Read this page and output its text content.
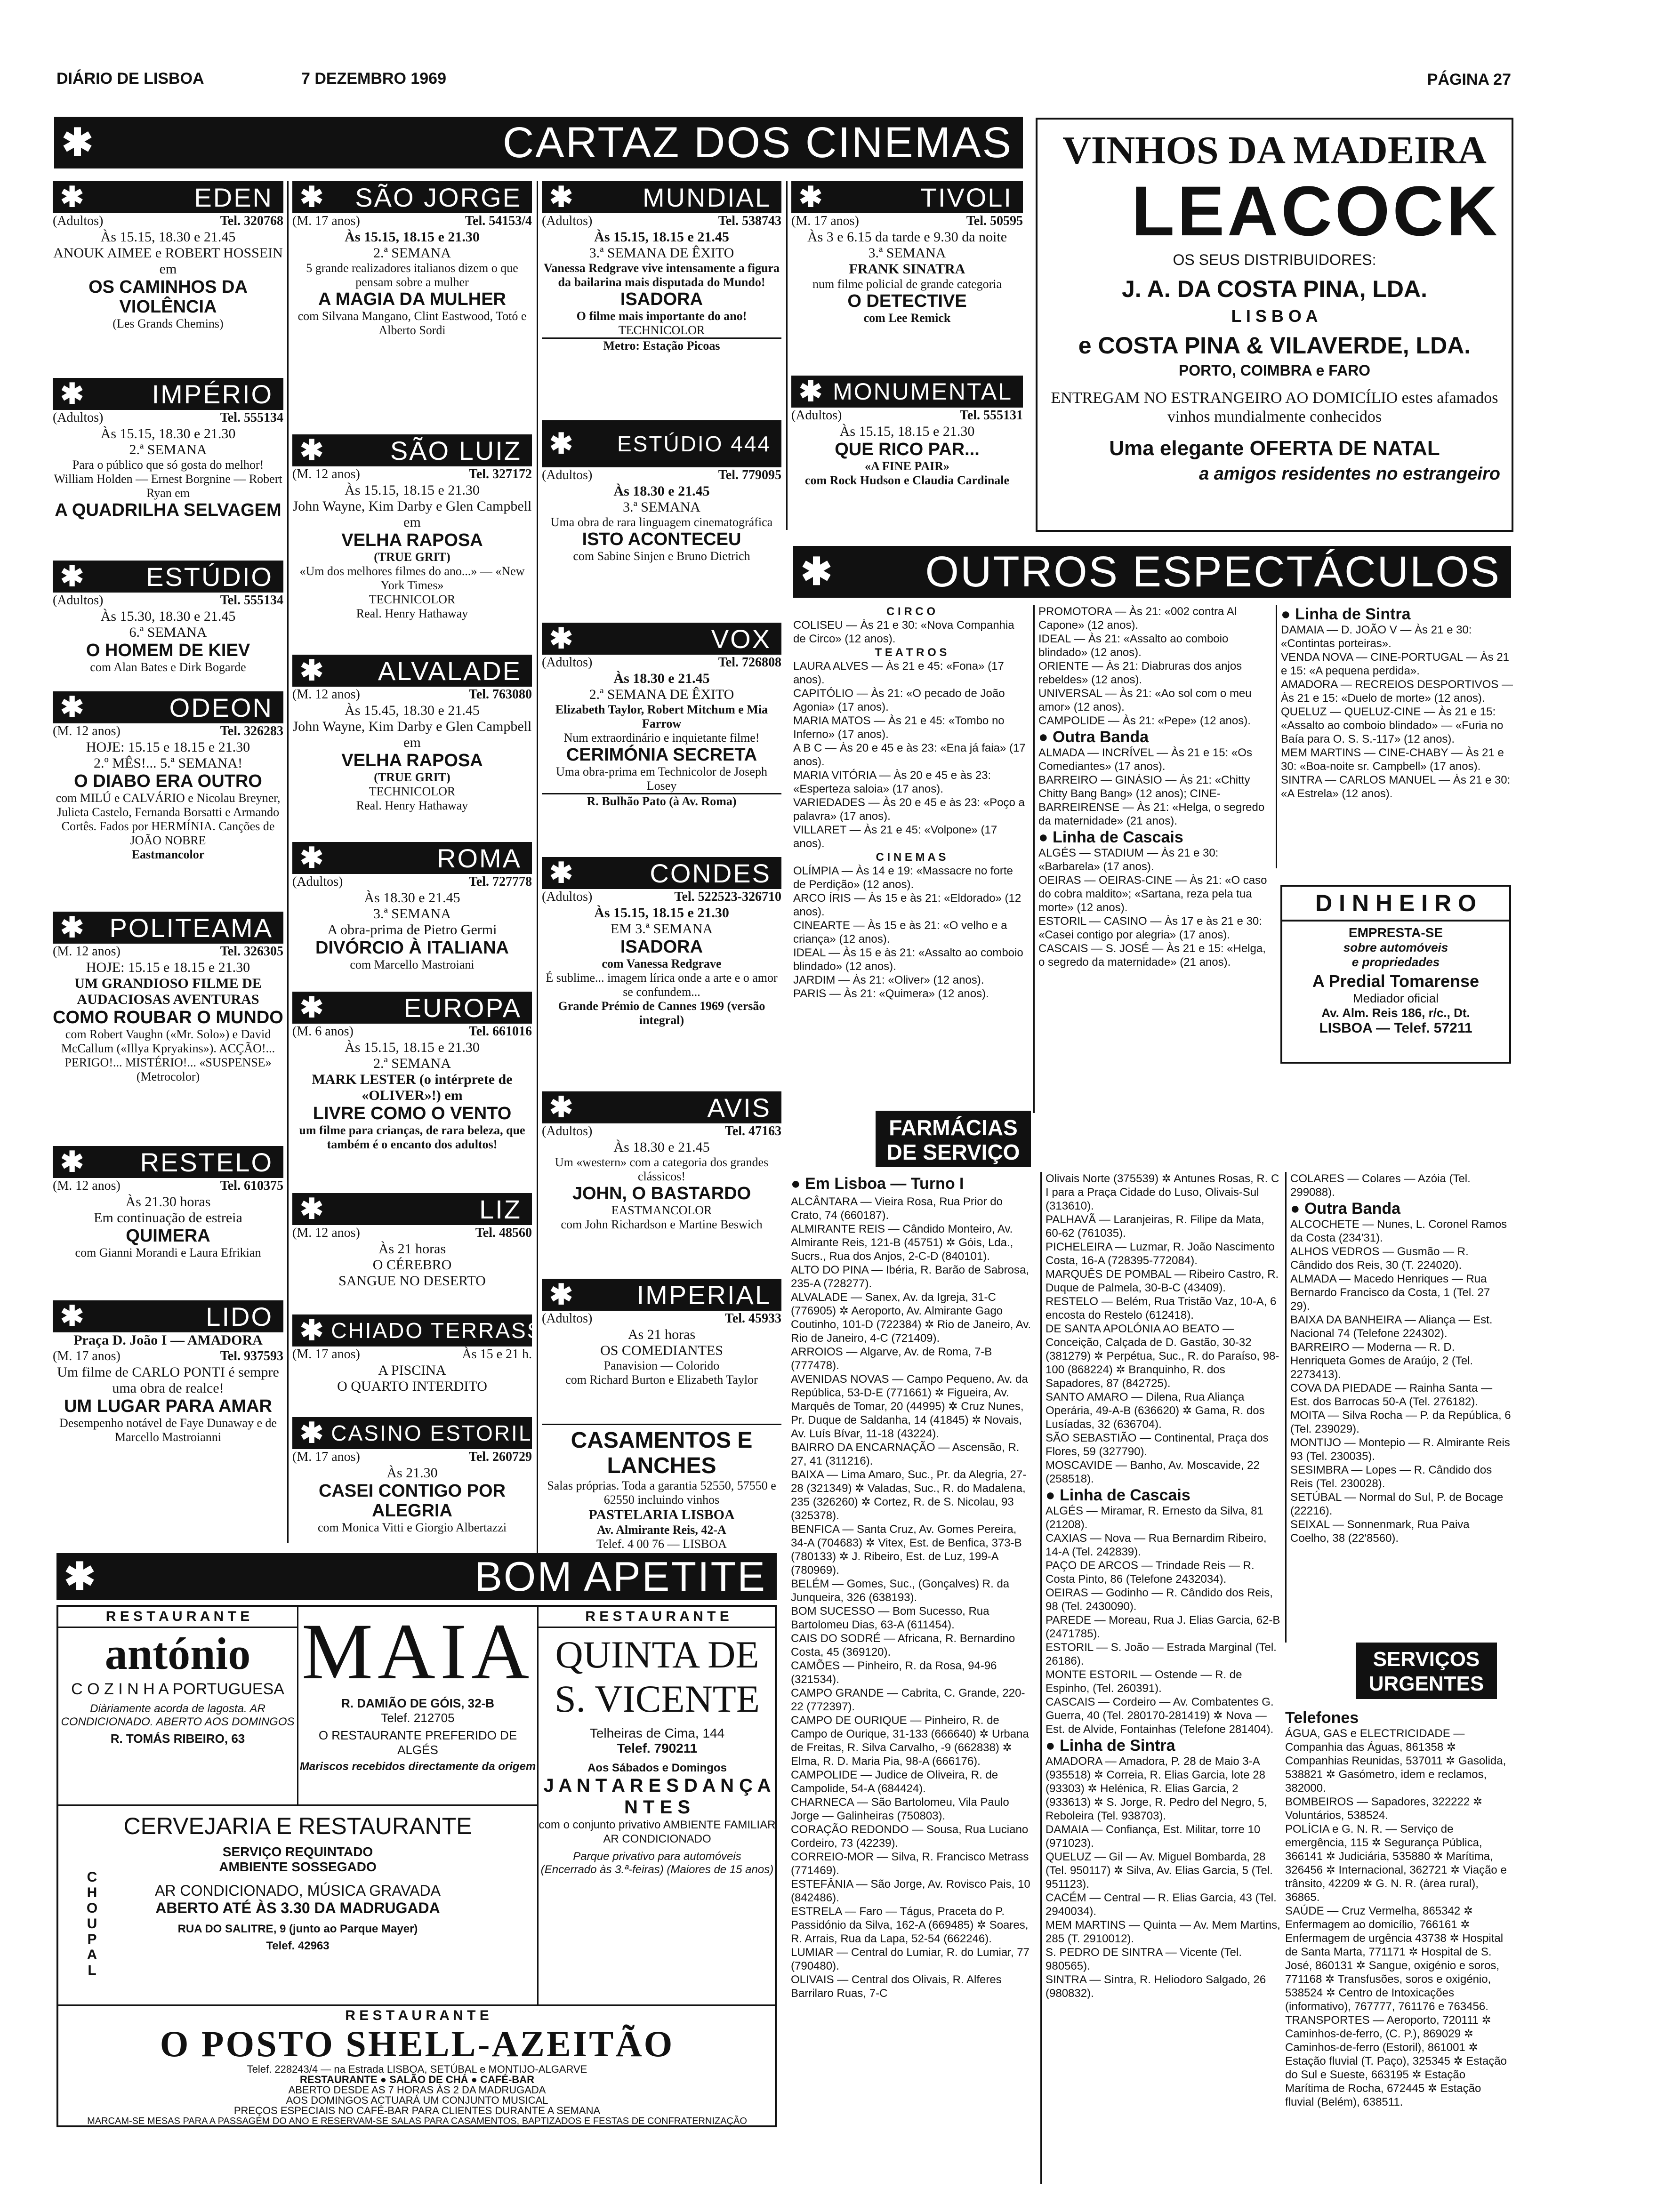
DIÁRIO DE LISBOA	7 DEZEMBRO 1969	PÁGINA 27
✱	CARTAZ DOS CINEMAS
✱	EDEN
(Adultos)	Tel. 320768
Às 15.15, 18.30 e 21.45
ANOUK AIMEE e ROBERT HOSSEIN em
OS CAMINHOS DA VIOLÊNCIA
(Les Grands Chemins)
✱	IMPÉRIO
(Adultos)	Tel. 555134
Às 15.15, 18.30 e 21.30
2.ª SEMANA
Para o público que só gosta do melhor! William Holden — Ernest Borgnine — Robert Ryan em
A QUADRILHA SELVAGEM
✱	ESTÚDIO
(Adultos)	Tel. 555134
Às 15.30, 18.30 e 21.45
6.ª SEMANA
O HOMEM DE KIEV
com Alan Bates e Dirk Bogarde
✱	ODEON
(M. 12 anos)	Tel. 326283
HOJE: 15.15 e 18.15 e 21.30
2.º MÊS!... 5.ª SEMANA!
O DIABO ERA OUTRO
com MILÚ e CALVÁRIO e Nicolau Breyner, Julieta Castelo, Fernanda Borsatti e Armando Cortês. Fados por HERMÍNIA. Canções de JOÃO NOBRE
Eastmancolor
✱ POLITEAMA
(M. 12 anos)	Tel. 326305
HOJE: 15.15 e 18.15 e 21.30
UM GRANDIOSO FILME DE AUDACIOSAS AVENTURAS
COMO ROUBAR O MUNDO
com Robert Vaughn («Mr. Solo») e David McCallum («Illya Kpryakins»). ACÇÃO!... PERIGO!... MISTÉRIO!... «SUSPENSE»
(Metrocolor)
✱	RESTELO
(M. 12 anos)	Tel. 610375
Às 21.30 horas
Em continuação de estreia
QUIMERA
com Gianni Morandi e Laura Efrikian
✱	LIDO
Praça D. João I — AMADORA
(M. 17 anos)	Tel. 937593
Um filme de CARLO PONTI é sempre uma obra de realce!
UM LUGAR PARA AMAR
Desempenho notável de Faye Dunaway e de Marcello Mastroianni
✱	SÃO JORGE
(M. 17 anos)	Tel. 54153/4
Às 15.15, 18.15 e 21.30
2.ª SEMANA
5 grande realizadores italianos dizem o que pensam sobre a mulher
A MAGIA DA MULHER
com Silvana Mangano, Clint Eastwood, Totó e Alberto Sordi
✱	SÃO LUIZ
(M. 12 anos)	Tel. 327172
Às 15.15, 18.15 e 21.30
John Wayne, Kim Darby e Glen Campbell em
VELHA RAPOSA
(TRUE GRIT)
«Um dos melhores filmes do ano...» — «New York Times»
TECHNICOLOR
Real. Henry Hathaway
✱	ALVALADE
(M. 12 anos)	Tel. 763080
Às 15.45, 18.30 e 21.45
John Wayne, Kim Darby e Glen Campbell em
VELHA RAPOSA
(TRUE GRIT)
TECHNICOLOR
Real. Henry Hathaway
✱	ROMA
(Adultos)	Tel. 727778
Às 18.30 e 21.45
3.ª SEMANA
A obra-prima de Pietro Germi
DIVÓRCIO À ITALIANA
com Marcello Mastroiani
✱	EUROPA
(M. 6 anos)	Tel. 661016
Às 15.15, 18.15 e 21.30
2.ª SEMANA
MARK LESTER (o intérprete de «OLIVER»!) em
LIVRE COMO O VENTO
um filme para crianças, de rara beleza, que também é o encanto dos adultos!
✱	LIZ
(M. 12 anos)	Tel. 48560
Às 21 horas
O CÉREBRO
SANGUE NO DESERTO
✱ CHIADO TERRASSE
(M. 17 anos)	Às 15 e 21 h.
A PISCINA
O QUARTO INTERDITO
✱ CASINO ESTORIL
(M. 17 anos)	Tel. 260729
Às 21.30
CASEI CONTIGO POR ALEGRIA
com Monica Vitti e Giorgio Albertazzi
✱	MUNDIAL
(Adultos)	Tel. 538743
Às 15.15, 18.15 e 21.45
3.ª SEMANA DE ÊXITO
Vanessa Redgrave vive intensamente a figura da bailarina mais disputada do Mundo!
ISADORA
O filme mais importante do ano!
TECHNICOLOR
Metro: Estação Picoas
✱	ESTÚDIO 444
(Adultos)	Tel. 779095
Às 18.30 e 21.45
3.ª SEMANA
Uma obra de rara linguagem cinematográfica
ISTO ACONTECEU
com Sabine Sinjen e Bruno Dietrich
✱	VOX
(Adultos)	Tel. 726808
Às 18.30 e 21.45
2.ª SEMANA DE ÊXITO
Elizabeth Taylor, Robert Mitchum e Mia Farrow
Num extraordinário e inquietante filme!
CERIMÓNIA SECRETA
Uma obra-prima em Technicolor de Joseph Losey
R. Bulhão Pato (à Av. Roma)
✱	CONDES
(Adultos)	Tel. 522523-326710
Às 15.15, 18.15 e 21.30
EM 3.ª SEMANA
ISADORA
com Vanessa Redgrave
É sublime... imagem lírica onde a arte e o amor se confundem...
Grande Prémio de Cannes 1969 (versão integral)
✱	AVIS
(Adultos)	Tel. 47163
Às 18.30 e 21.45
Um «western» com a categoria dos grandes clássicos!
JOHN, O BASTARDO
EASTMANCOLOR
com John Richardson e Martine Beswich
✱	IMPERIAL
(Adultos)	Tel. 45933
As 21 horas
OS COMEDIANTES
Panavision — Colorido
com Richard Burton e Elizabeth Taylor
CASAMENTOS E LANCHES
Salas próprias. Toda a garantia 52550, 57550 e 62550 incluindo vinhos
PASTELARIA LISBOA
Av. Almirante Reis, 42-A
Telef. 4 00 76 — LISBOA
✱	TIVOLI
(M. 17 anos)	Tel. 50595
Às 3 e 6.15 da tarde e 9.30 da noite
3.ª SEMANA
FRANK SINATRA
num filme policial de grande categoria
O DETECTIVE
com Lee Remick
✱ MONUMENTAL
(Adultos)	Tel. 555131
Às 15.15, 18.15 e 21.30
QUE RICO PAR...
«A FINE PAIR»
com Rock Hudson e Claudia Cardinale
VINHOS DA MADEIRA
LEACOCK
OS SEUS DISTRIBUIDORES:
J. A. DA COSTA PINA, LDA.
L I S B O A
e COSTA PINA & VILAVERDE, LDA.
PORTO, COIMBRA e FARO
ENTREGAM NO ESTRANGEIRO AO DOMICÍLIO estes afamados vinhos mundialmente conhecidos
Uma elegante OFERTA DE NATAL
a amigos residentes no estrangeiro
✱	OUTROS ESPECTÁCULOS
C I R C O
COLISEU — Às 21 e 30: «Nova Companhia de Circo» (12 anos).
T E A T R O S
LAURA ALVES — Às 21 e 45: «Fona» (17 anos).
CAPITÓLIO — Às 21: «O pecado de João Agonia» (17 anos).
MARIA MATOS — Às 21 e 45: «Tombo no Inferno» (17 anos).
A B C — Às 20 e 45 e às 23: «Ena já faia» (17 anos).
MARIA VITÓRIA — Às 20 e 45 e às 23: «Esperteza saloia» (17 anos).
VARIEDADES — Às 20 e 45 e às 23: «Poço a palavra» (17 anos).
VILLARET — Às 21 e 45: «Volpone» (17 anos).
C I N E M A S
OLÍMPIA — Às 14 e 19: «Massacre no forte de Perdição» (12 anos).
ARCO ÍRIS — Às 15 e às 21: «Eldorado» (12 anos).
CINEARTE — Às 15 e às 21: «O velho e a criança» (12 anos).
IDEAL — Às 15 e às 21: «Assalto ao comboio blindado» (12 anos).
JARDIM — Às 21: «Oliver» (12 anos).
PARIS — Às 21: «Quimera» (12 anos).
PROMOTORA — Às 21: «002 contra Al Capone» (12 anos).
IDEAL — Às 21: «Assalto ao comboio blindado» (12 anos).
ORIENTE — Às 21: Diabruras dos anjos rebeldes» (12 anos).
UNIVERSAL — Às 21: «Ao sol com o meu amor» (12 anos).
CAMPOLIDE — Às 21: «Pepe» (12 anos).
● Outra Banda
ALMADA — INCRÍVEL — Às 21 e 15: «Os Comediantes» (17 anos).
BARREIRO — GINÁSIO — Às 21: «Chitty Chitty Bang Bang» (12 anos); CINE-BARREIRENSE — Às 21: «Helga, o segredo da maternidade» (21 anos).
● Linha de Cascais
ALGÉS — STADIUM — Às 21 e 30: «Barbarela» (17 anos).
OEIRAS — OEIRAS-CINE — Às 21: «O caso do cobra maldito»; «Sartana, reza pela tua morte» (12 anos).
ESTORIL — CASINO — Às 17 e às 21 e 30: «Casei contigo por alegria» (17 anos).
CASCAIS — S. JOSÉ — Às 21 e 15: «Helga, o segredo da maternidade» (21 anos).
● Linha de Sintra
DAMAIA — D. JOÃO V — Às 21 e 30: «Contintas porteiras».
VENDA NOVA — CINE-PORTUGAL — Às 21 e 15: «A pequena perdida».
AMADORA — RECREIOS DESPORTIVOS — Às 21 e 15: «Duelo de morte» (12 anos).
QUELUZ — QUELUZ-CINE — Às 21 e 15: «Assalto ao comboio blindado» — «Furia no Baía para O. S. S.-117» (12 anos).
MEM MARTINS — CINE-CHABY — Às 21 e 30: «Boa-noite sr. Campbell» (17 anos).
SINTRA — CARLOS MANUEL — Às 21 e 30: «A Estrela» (12 anos).
D I N H E I R O
EMPRESTA-SE
sobre automóveis
e propriedades
A Predial Tomarense
Mediador oficial
Av. Alm. Reis 186, r/c., Dt.
LISBOA — Telef. 57211
✱	BOM APETITE
R E S T A U R A N T E
antónio
C O Z I N H A PORTUGUESA
Diàriamente acorda de lagosta. AR CONDICIONADO. ABERTO AOS DOMINGOS
R. TOMÁS RIBEIRO, 63
MAIA
R. DAMIÃO DE GÓIS, 32-B
Telef. 212705
O RESTAURANTE PREFERIDO DE ALGÉS
Mariscos recebidos directamente da origem
R E S T A U R A N T E
QUINTA DE S. VICENTE
Telheiras de Cima, 144
Telef. 790211
Aos Sábados e Domingos
J A N T A R E S D A N Ç A N T E S
com o conjunto privativo AMBIENTE FAMILIAR AR CONDICIONADO
Parque privativo para automóveis
(Encerrado às 3.ª-feiras) (Maiores de 15 anos)
CERVEJARIA E RESTAURANTE
CHOUPAL
SERVIÇO REQUINTADO
AMBIENTE SOSSEGADO
AR CONDICIONADO, MÚSICA GRAVADA
ABERTO ATÉ ÀS 3.30 DA MADRUGADA
RUA DO SALITRE, 9 (junto ao Parque Mayer)
Telef. 42963
R E S T A U R A N T E
O POSTO SHELL-AZEITÃO
Telef. 228243/4 — na Estrada LISBOA, SETÚBAL e MONTIJO-ALGARVE
RESTAURANTE ● SALÃO DE CHÁ ● CAFÉ-BAR
ABERTO DESDE AS 7 HORAS ÀS 2 DA MADRUGADA
AOS DOMINGOS ACTUARÁ UM CONJUNTO MUSICAL
PREÇOS ESPECIAIS NO CAFÉ-BAR PARA CLIENTES DURANTE A SEMANA
MARCAM-SE MESAS PARA A PASSAGEM DO ANO E RESERVAM-SE SALAS PARA CASAMENTOS, BAPTIZADOS E FESTAS DE CONFRATERNIZAÇÃO
FARMÁCIAS DE SERVIÇO
● Em Lisboa — Turno I
ALCÂNTARA — Vieira Rosa, Rua Prior do Crato, 74 (660187).
ALMIRANTE REIS — Cândido Monteiro, Av. Almirante Reis, 121-B (45751) ✲ Góis, Lda., Sucrs., Rua dos Anjos, 2-C-D (840101).
ALTO DO PINA — Ibéria, R. Barão de Sabrosa, 235-A (728277).
ALVALADE — Sanex, Av. da Igreja, 31-C (776905) ✲ Aeroporto, Av. Almirante Gago Coutinho, 101-D (722384) ✲ Rio de Janeiro, Av. Rio de Janeiro, 4-C (721409).
ARROIOS — Algarve, Av. de Roma, 7-B (777478).
AVENIDAS NOVAS — Campo Pequeno, Av. da República, 53-D-E (771661) ✲ Figueira, Av. Marquês de Tomar, 20 (44995) ✲ Cruz Nunes, Pr. Duque de Saldanha, 14 (41845) ✲ Novais, Av. Luís Bívar, 11-18 (43224).
BAIRRO DA ENCARNAÇÃO — Ascensão, R. 27, 41 (311216).
BAIXA — Lima Amaro, Suc., Pr. da Alegria, 27-28 (321349) ✲ Valadas, Suc., R. do Madalena, 235 (326260) ✲ Cortez, R. de S. Nicolau, 93 (325378).
BENFICA — Santa Cruz, Av. Gomes Pereira, 34-A (704683) ✲ Vitex, Est. de Benfica, 373-B (780133) ✲ J. Ribeiro, Est. de Luz, 199-A (780969).
BELÉM — Gomes, Suc., (Gonçalves) R. da Junqueira, 326 (638193).
BOM SUCESSO — Bom Sucesso, Rua Bartolomeu Dias, 63-A (611454).
CAIS DO SODRÉ — Africana, R. Bernardino Costa, 45 (369120).
CAMÕES — Pinheiro, R. da Rosa, 94-96 (321534).
CAMPO GRANDE — Cabrita, C. Grande, 220-22 (772397).
CAMPO DE OURIQUE — Pinheiro, R. de Campo de Ourique, 31-133 (666640) ✲ Urbana de Freitas, R. Silva Carvalho, -9 (662838) ✲ Elma, R. D. Maria Pia, 98-A (666176).
CAMPOLIDE — Judice de Oliveira, R. de Campolide, 54-A (684424).
CHARNECA — São Bartolomeu, Vila Paulo Jorge — Galinheiras (750803).
CORAÇÃO REDONDO — Sousa, Rua Luciano Cordeiro, 73 (42239).
CORREIO-MOR — Silva, R. Francisco Metrass (771469).
ESTEFÂNIA — São Jorge, Av. Rovisco Pais, 10 (842486).
ESTRELA — Faro — Tágus, Praceta do P. Passidónio da Silva, 162-A (669485) ✲ Soares, R. Arrais, Rua da Lapa, 52-54 (662246).
LUMIAR — Central do Lumiar, R. do Lumiar, 77 (790480).
OLIVAIS — Central dos Olivais, R. Alferes Barrilaro Ruas, 7-C
Olivais Norte (375539) ✲ Antunes Rosas, R. C I para a Praça Cidade do Luso, Olivais-Sul (313610).
PALHAVÃ — Laranjeiras, R. Filipe da Mata, 60-62 (761035).
PICHELEIRA — Luzmar, R. João Nascimento Costa, 16-A (728395-772084).
MARQUÊS DE POMBAL — Ribeiro Castro, R. Duque de Palmela, 30-B-C (43409).
RESTELO — Belém, Rua Tristão Vaz, 10-A, 6 encosta do Restelo (612418).
DE SANTA APOLÓNIA AO BEATO — Conceição, Calçada de D. Gastão, 30-32 (381279) ✲ Perpétua, Suc., R. do Paraíso, 98-100 (868224) ✲ Branquinho, R. dos Sapadores, 87 (842725).
SANTO AMARO — Dilena, Rua Aliança Operária, 49-A-B (636620) ✲ Gama, R. dos Lusíadas, 32 (636704).
SÃO SEBASTIÃO — Continental, Praça dos Flores, 59 (327790).
MOSCAVIDE — Banho, Av. Moscavide, 22 (258518).
● Linha de Cascais
ALGÉS — Miramar, R. Ernesto da Silva, 81 (21208).
CAXIAS — Nova — Rua Bernardim Ribeiro, 14-A (Tel. 242839).
PAÇO DE ARCOS — Trindade Reis — R. Costa Pinto, 86 (Telefone 2432034).
OEIRAS — Godinho — R. Cândido dos Reis, 98 (Tel. 2430090).
PAREDE — Moreau, Rua J. Elias Garcia, 62-B (2471785).
ESTORIL — S. João — Estrada Marginal (Tel. 26186).
MONTE ESTORIL — Ostende — R. de Espinho, (Tel. 260391).
CASCAIS — Cordeiro — Av. Combatentes G. Guerra, 40 (Tel. 280170-281419) ✲ Nova — Est. de Alvide, Fontainhas (Telefone 281404).
● Linha de Sintra
AMADORA — Amadora, P. 28 de Maio 3-A (935518) ✲ Correia, R. Elias Garcia, lote 28 (93303) ✲ Helénica, R. Elias Garcia, 2 (933613) ✲ S. Jorge, R. Pedro del Negro, 5, Reboleira (Tel. 938703).
DAMAIA — Confiança, Est. Militar, torre 10 (971023).
QUELUZ — Gil — Av. Miguel Bombarda, 28 (Tel. 950117) ✲ Silva, Av. Elias Garcia, 5 (Tel. 951123).
CACÉM — Central — R. Elias Garcia, 43 (Tel. 2940034).
MEM MARTINS — Quinta — Av. Mem Martins, 285 (T. 2910012).
S. PEDRO DE SINTRA — Vicente (Tel. 980565).
SINTRA — Sintra, R. Heliodoro Salgado, 26 (980832).
COLARES — Colares — Azóia (Tel. 299088).
● Outra Banda
ALCOCHETE — Nunes, L. Coronel Ramos da Costa (234'31).
ALHOS VEDROS — Gusmão — R. Cândido dos Reis, 30 (T. 224020).
ALMADA — Macedo Henriques — Rua Bernardo Francisco da Costa, 1 (Tel. 27 29).
BAIXA DA BANHEIRA — Aliança — Est. Nacional 74 (Telefone 224302).
BARREIRO — Moderna — R. D. Henriqueta Gomes de Araújo, 2 (Tel. 2273413).
COVA DA PIEDADE — Rainha Santa — Est. dos Barrocas 50-A (Tel. 276182).
MOITA — Silva Rocha — P. da República, 6 (Tel. 239029).
MONTIJO — Montepio — R. Almirante Reis 93 (Tel. 230035).
SESIMBRA — Lopes — R. Cândido dos Reis (Tel. 230028).
SETÚBAL — Normal do Sul, P. de Bocage (22216).
SEIXAL — Sonnenmark, Rua Paiva Coelho, 38 (22'8560).
SERVIÇOS URGENTES
Telefones
ÁGUA, GAS e ELECTRICIDADE — Companhia das Águas, 861358 ✲ Companhias Reunidas, 537011 ✲ Gasolida, 538821 ✲ Gasómetro, idem e reclamos, 382000.
BOMBEIROS — Sapadores, 322222 ✲ Voluntários, 538524.
POLÍCIA e G. N. R. — Serviço de emergência, 115 ✲ Segurança Pública, 366141 ✲ Judiciária, 535880 ✲ Marítima, 326456 ✲ Internacional, 362721 ✲ Viação e trânsito, 42209 ✲ G. N. R. (área rural), 36865.
SAÚDE — Cruz Vermelha, 865342 ✲ Enfermagem ao domicílio, 766161 ✲ Enfermagem de urgência 43738 ✲ Hospital de Santa Marta, 771171 ✲ Hospital de S. José, 860131 ✲ Sangue, oxigénio e soros, 771168 ✲ Transfusões, soros e oxigénio, 538524 ✲ Centro de Intoxicações (informativo), 767777, 761176 e 763456.
TRANSPORTES — Aeroporto, 720111 ✲ Caminhos-de-ferro, (C. P.), 869029 ✲ Caminhos-de-ferro (Estoril), 861001 ✲ Estação fluvial (T. Paço), 325345 ✲ Estação do Sul e Sueste, 663195 ✲ Estação Marítima de Rocha, 672445 ✲ Estação fluvial (Belém), 638511.
